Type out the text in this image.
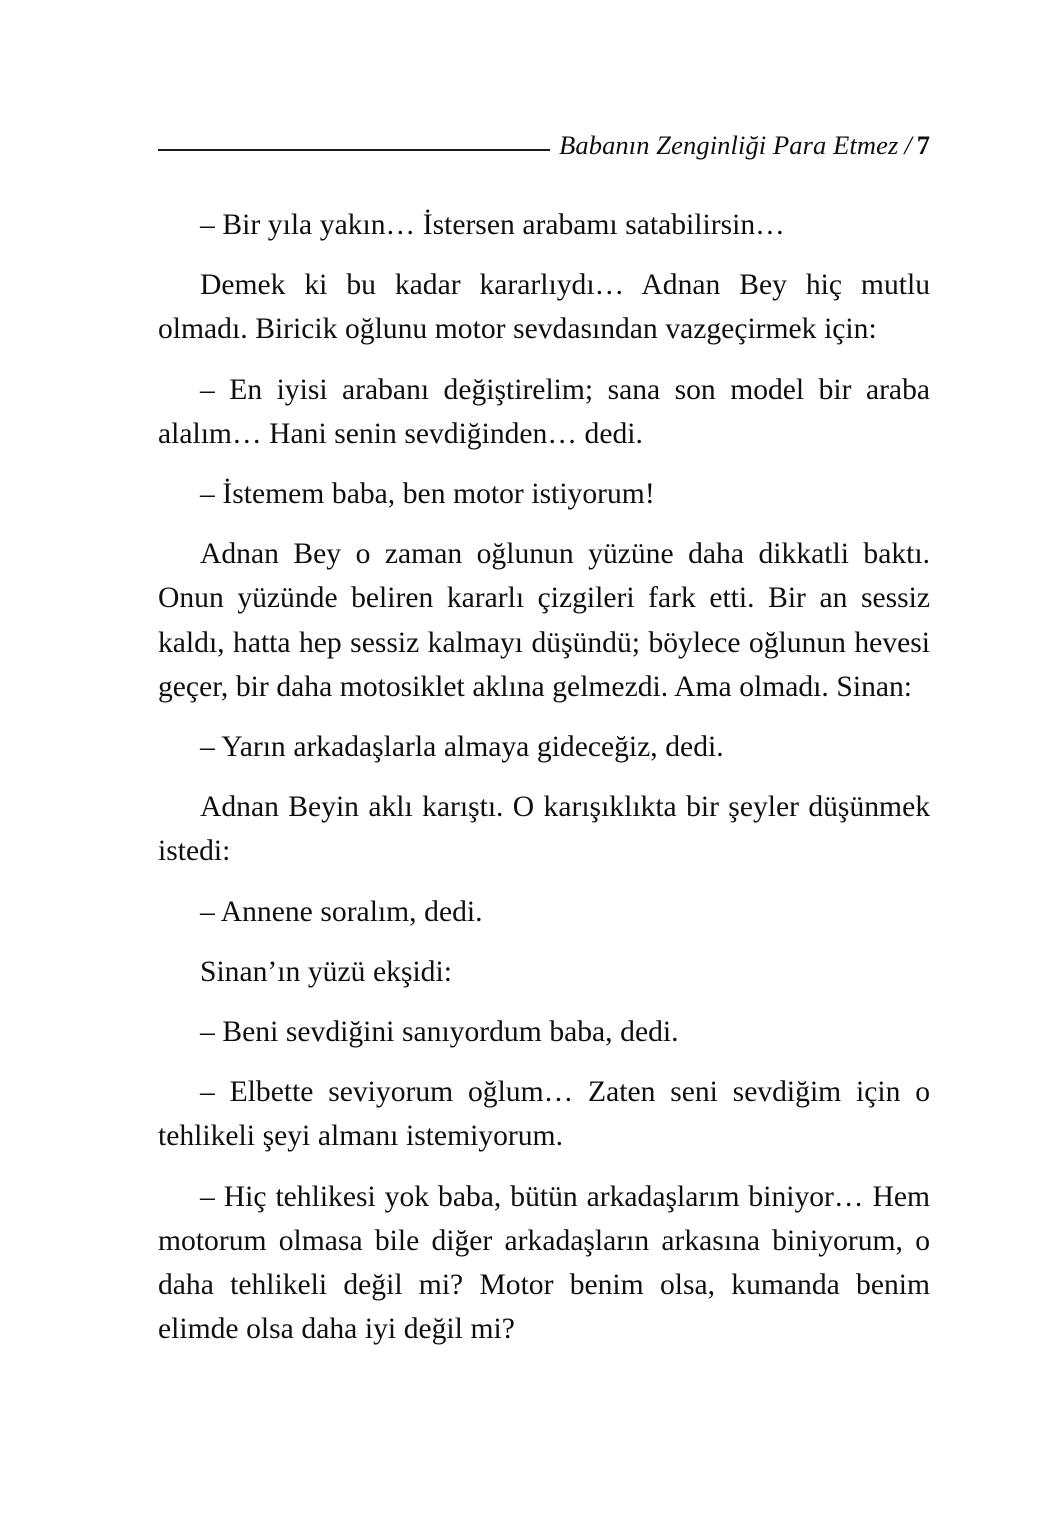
Babanın Zenginliği Para Etmez / 7

– Bir yıla yakın… İstersen arabamı satabilirsin…

Demek ki bu kadar kararlıydı… Adnan Bey hiç mutlu olmadı. Biricik oğlunu motor sevdasından vazgeçirmek için:

– En iyisi arabanı değiştirelim; sana son model bir araba alalım… Hani senin sevdiğinden… dedi.

– İstemem baba, ben motor istiyorum!

Adnan Bey o zaman oğlunun yüzüne daha dikkatli baktı. Onun yüzünde beliren kararlı çizgileri fark etti. Bir an sessiz kaldı, hatta hep sessiz kalmayı düşündü; böylece oğlunun hevesi geçer, bir daha motosiklet aklına gelmezdi. Ama olmadı. Sinan:

– Yarın arkadaşlarla almaya gideceğiz, dedi.

Adnan Beyin aklı karıştı. O karışıklıkta bir şeyler düşünmek istedi:

– Annene soralım, dedi.

Sinan’ın yüzü ekşidi:

– Beni sevdiğini sanıyordum baba, dedi.

– Elbette seviyorum oğlum… Zaten seni sevdiğim için o tehlikeli şeyi almanı istemiyorum.

– Hiç tehlikesi yok baba, bütün arkadaşlarım biniyor… Hem motorum olmasa bile diğer arkadaşların arkasına biniyorum, o daha tehlikeli değil mi? Motor benim olsa, kumanda benim elimde olsa daha iyi değil mi?
